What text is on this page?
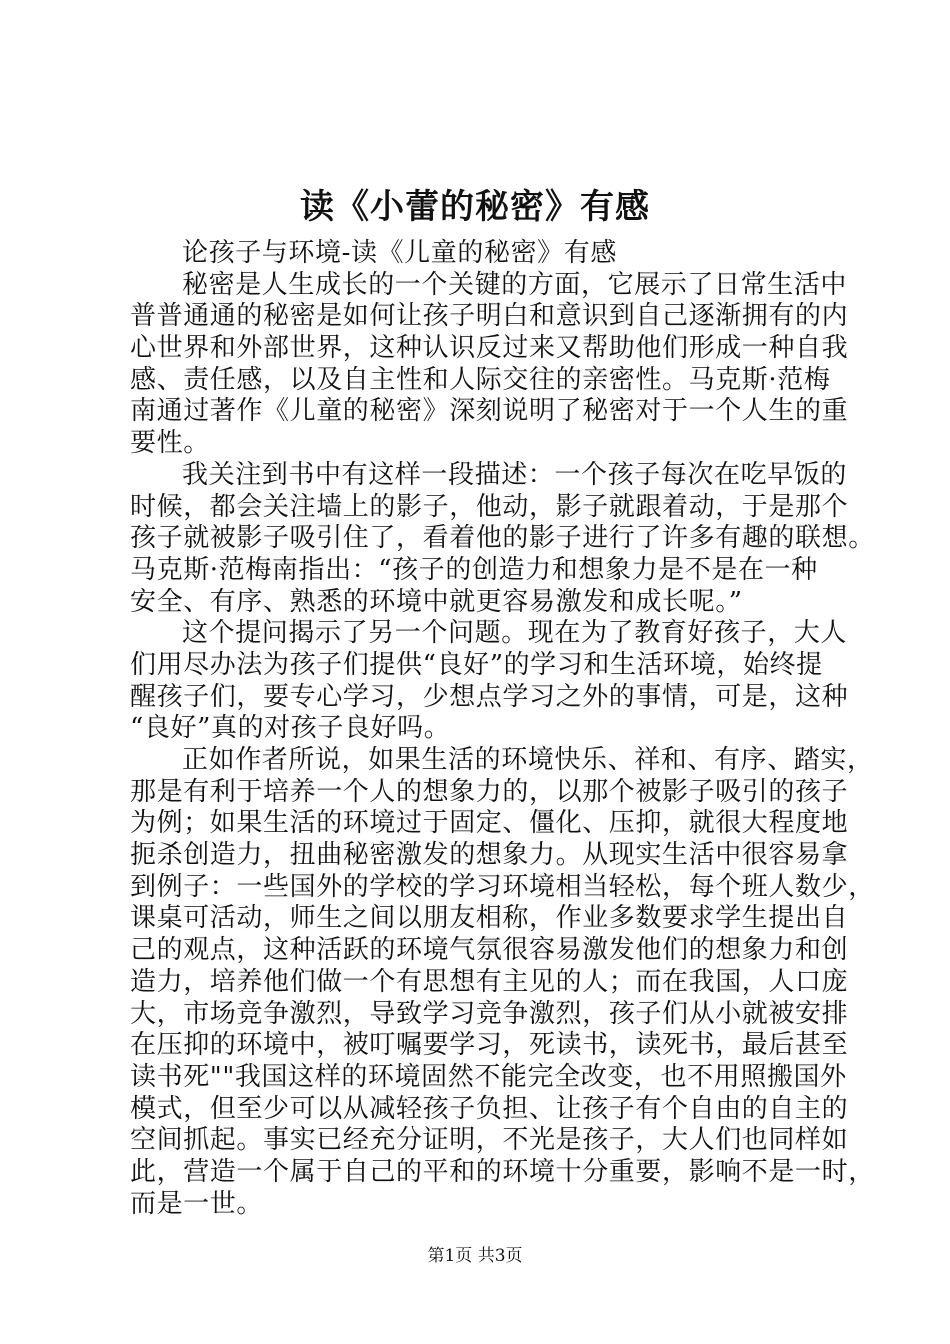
读《小蕾的秘密》有感
论孩子与环境-读《儿童的秘密》有感
秘密是人生成长的一个关键的方面，它展示了日常生活中
普普通通的秘密是如何让孩子明白和意识到自己逐渐拥有的内
心世界和外部世界，这种认识反过来又帮助他们形成一种自我
感、责任感，以及自主性和人际交往的亲密性。马克斯·范梅
南通过著作《儿童的秘密》深刻说明了秘密对于一个人生的重
要性。
我关注到书中有这样一段描述：一个孩子每次在吃早饭的
时候，都会关注墙上的影子，他动，影子就跟着动，于是那个
孩子就被影子吸引住了，看着他的影子进行了许多有趣的联想。
马克斯·范梅南指出：“孩子的创造力和想象力是不是在一种
安全、有序、熟悉的环境中就更容易激发和成长呢。”
这个提问揭示了另一个问题。现在为了教育好孩子，大人
们用尽办法为孩子们提供“良好”的学习和生活环境，始终提
醒孩子们，要专心学习，少想点学习之外的事情，可是，这种
“良好”真的对孩子良好吗。
正如作者所说，如果生活的环境快乐、祥和、有序、踏实，
那是有利于培养一个人的想象力的，以那个被影子吸引的孩子
为例；如果生活的环境过于固定、僵化、压抑，就很大程度地
扼杀创造力，扭曲秘密激发的想象力。从现实生活中很容易拿
到例子：一些国外的学校的学习环境相当轻松，每个班人数少，
课桌可活动，师生之间以朋友相称，作业多数要求学生提出自
己的观点，这种活跃的环境气氛很容易激发他们的想象力和创
造力，培养他们做一个有思想有主见的人；而在我国，人口庞
大，市场竞争激烈，导致学习竞争激烈，孩子们从小就被安排
在压抑的环境中，被叮嘱要学习，死读书，读死书，最后甚至
读书死""我国这样的环境固然不能完全改变，也不用照搬国外
模式，但至少可以从减轻孩子负担、让孩子有个自由的自主的
空间抓起。事实已经充分证明，不光是孩子，大人们也同样如
此，营造一个属于自己的平和的环境十分重要，影响不是一时，
而是一世。
第1页 共3页
